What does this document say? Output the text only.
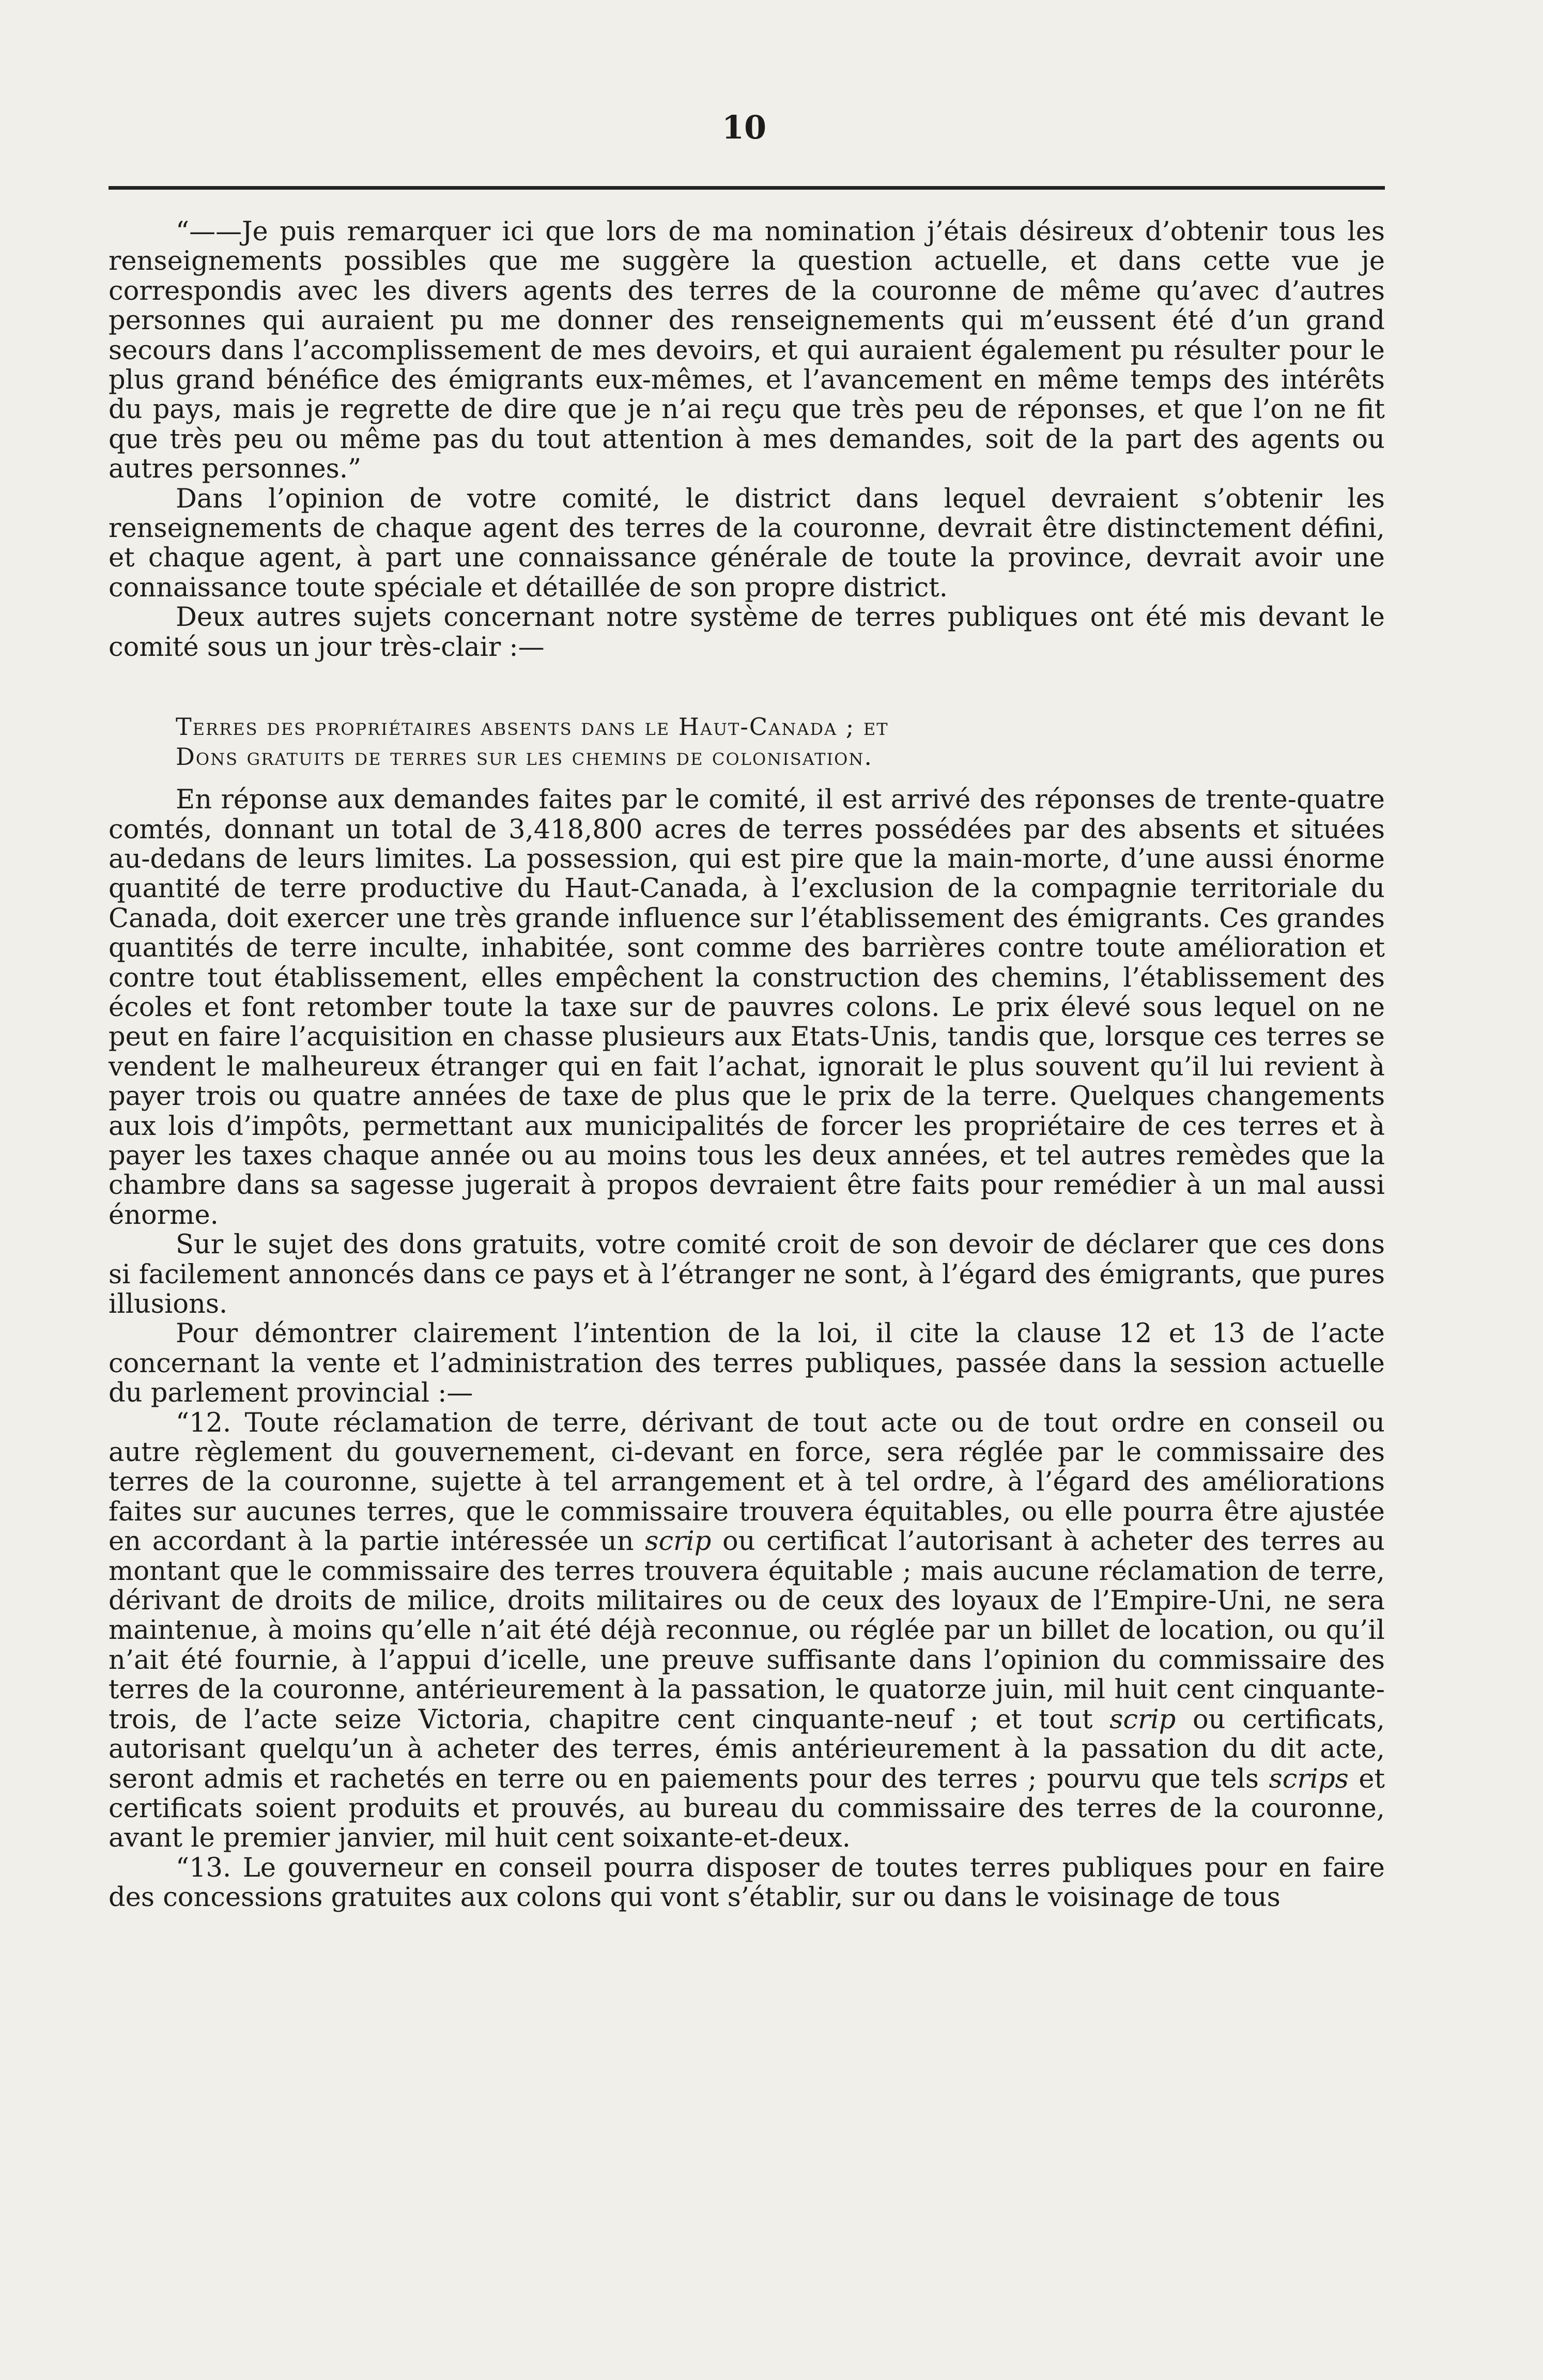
10

“——Je puis remarquer ici que lors de ma nomination j’étais désireux d’obtenir tous les renseignements possibles que me suggère la question actuelle, et dans cette vue je correspondis avec les divers agents des terres de la couronne de même qu’avec d’autres personnes qui auraient pu me donner des renseignements qui m’eussent été d’un grand secours dans l’accomplissement de mes devoirs, et qui auraient également pu résulter pour le plus grand bénéfice des émigrants eux-mêmes, et l’avancement en même temps des intérêts du pays, mais je regrette de dire que je n’ai reçu que très peu de réponses, et que l’on ne fit que très peu ou même pas du tout attention à mes demandes, soit de la part des agents ou autres personnes.”

Dans l’opinion de votre comité, le district dans lequel devraient s’obtenir les renseignements de chaque agent des terres de la couronne, devrait être distinctement défini, et chaque agent, à part une connaissance générale de toute la province, devrait avoir une connaissance toute spéciale et détaillée de son propre district.

Deux autres sujets concernant notre système de terres publiques ont été mis devant le comité sous un jour très-clair :—

Terres des propriétaires absents dans le Haut-Canada ; et
Dons gratuits de terres sur les chemins de colonisation.

En réponse aux demandes faites par le comité, il est arrivé des réponses de trente-quatre comtés, donnant un total de 3,418,800 acres de terres possédées par des absents et situées au-dedans de leurs limites. La possession, qui est pire que la main-morte, d’une aussi énorme quantité de terre productive du Haut-Canada, à l’exclusion de la compagnie territoriale du Canada, doit exercer une très grande influence sur l’établissement des émigrants. Ces grandes quantités de terre inculte, inhabitée, sont comme des barrières contre toute amélioration et contre tout établissement, elles empêchent la construction des chemins, l’établissement des écoles et font retomber toute la taxe sur de pauvres colons. Le prix élevé sous lequel on ne peut en faire l’acquisition en chasse plusieurs aux Etats-Unis, tandis que, lorsque ces terres se vendent le malheureux étranger qui en fait l’achat, ignorait le plus souvent qu’il lui revient à payer trois ou quatre années de taxe de plus que le prix de la terre. Quelques changements aux lois d’impôts, permettant aux municipalités de forcer les propriétaire de ces terres et à payer les taxes chaque année ou au moins tous les deux années, et tel autres remèdes que la chambre dans sa sagesse jugerait à propos devraient être faits pour remédier à un mal aussi énorme.

Sur le sujet des dons gratuits, votre comité croit de son devoir de déclarer que ces dons si facilement annoncés dans ce pays et à l’étranger ne sont, à l’égard des émigrants, que pures illusions.

Pour démontrer clairement l’intention de la loi, il cite la clause 12 et 13 de l’acte concernant la vente et l’administration des terres publiques, passée dans la session actuelle du parlement provincial :—

“12. Toute réclamation de terre, dérivant de tout acte ou de tout ordre en conseil ou autre règlement du gouvernement, ci-devant en force, sera réglée par le commissaire des terres de la couronne, sujette à tel arrangement et à tel ordre, à l’égard des améliorations faites sur aucunes terres, que le commissaire trouvera équitables, ou elle pourra être ajustée en accordant à la partie intéressée un scrip ou certificat l’autorisant à acheter des terres au montant que le commissaire des terres trouvera équitable ; mais aucune réclamation de terre, dérivant de droits de milice, droits militaires ou de ceux des loyaux de l’Empire-Uni, ne sera maintenue, à moins qu’elle n’ait été déjà reconnue, ou réglée par un billet de location, ou qu’il n’ait été fournie, à l’appui d’icelle, une preuve suffisante dans l’opinion du commissaire des terres de la couronne, antérieurement à la passation, le quatorze juin, mil huit cent cinquante-trois, de l’acte seize Victoria, chapitre cent cinquante-neuf ; et tout scrip ou certificats, autorisant quelqu’un à acheter des terres, émis antérieurement à la passation du dit acte, seront admis et rachetés en terre ou en paiements pour des terres ; pourvu que tels scrips et certificats soient produits et prouvés, au bureau du commissaire des terres de la couronne, avant le premier janvier, mil huit cent soixante-et-deux.

“13. Le gouverneur en conseil pourra disposer de toutes terres publiques pour en faire des concessions gratuites aux colons qui vont s’établir, sur ou dans le voisinage de tous
